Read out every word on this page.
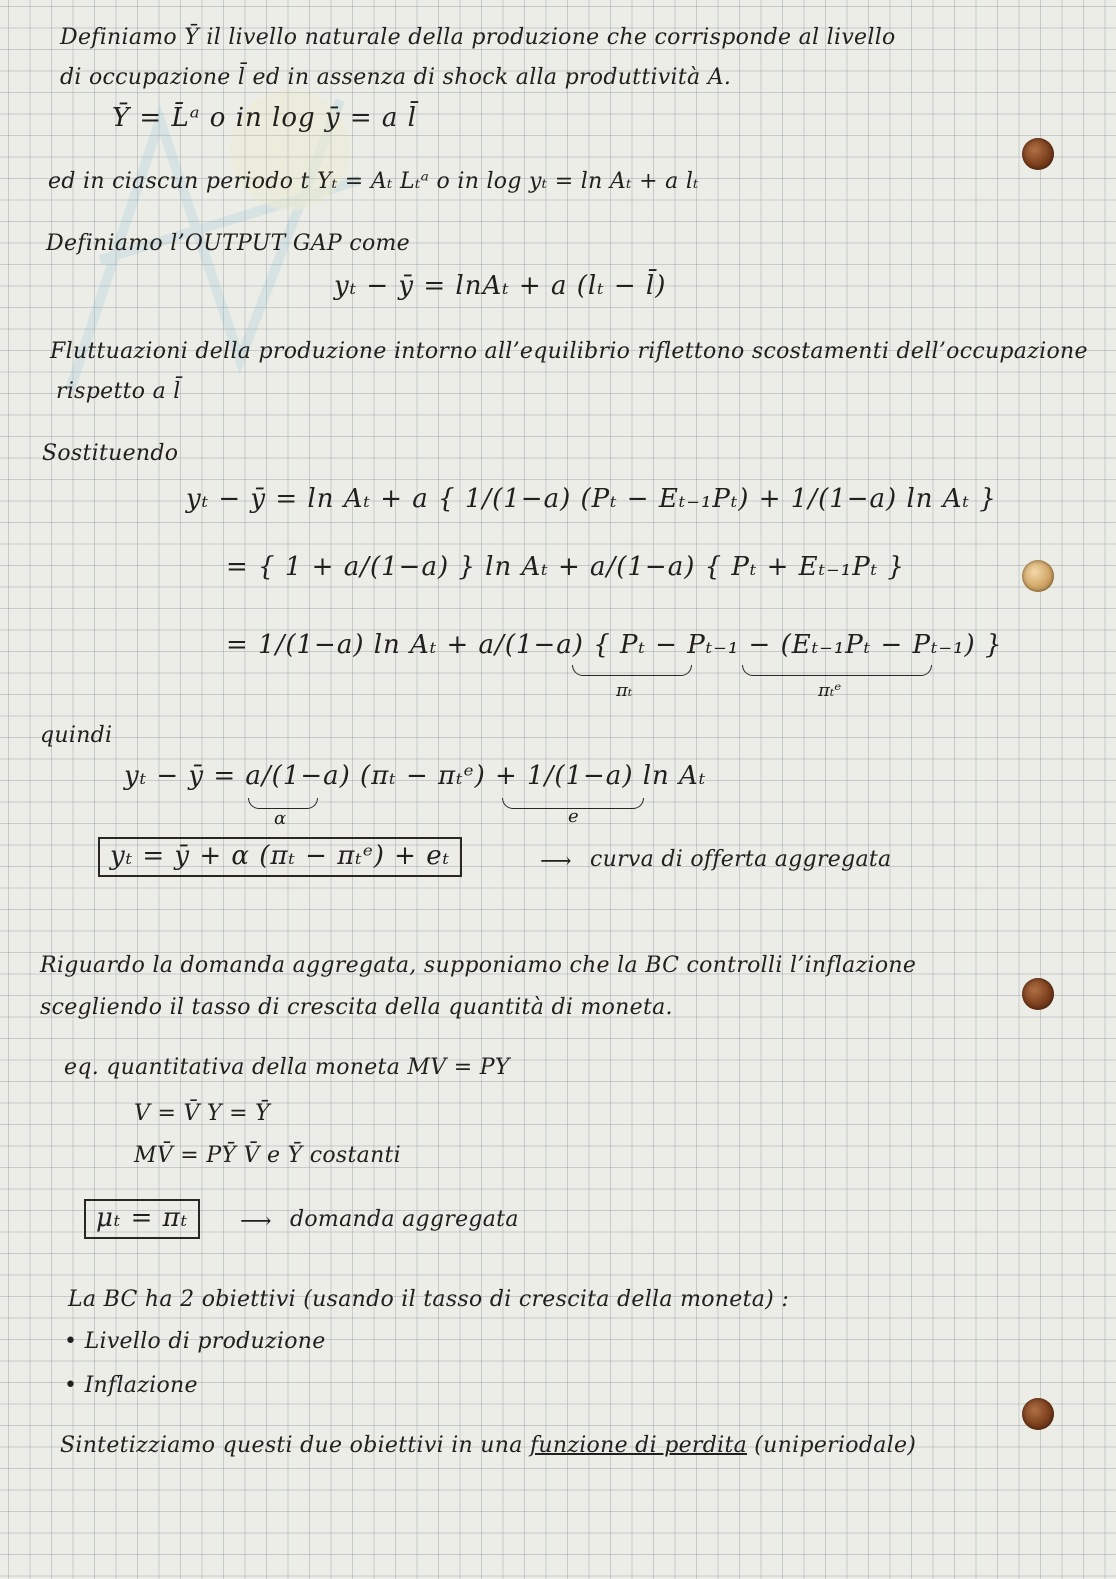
Definiamo Ȳ il livello naturale della produzione che corrisponde al livello

di occupazione l̄ ed in assenza di shock alla produttività A.

Ȳ = L̄ᵃ o in log ȳ = a l̄

ed in ciascun periodo t Yₜ = Aₜ Lₜᵃ o in log yₜ = ln Aₜ + a lₜ

Definiamo l’OUTPUT GAP come

yₜ − ȳ = lnAₜ + a (lₜ − l̄)

Fluttuazioni della produzione intorno all’equilibrio riflettono scostamenti dell’occupazione

rispetto a l̄

Sostituendo

yₜ − ȳ = ln Aₜ + a { 1/(1−a) (Pₜ − Eₜ₋₁Pₜ) + 1/(1−a) ln Aₜ }

= { 1 + a/(1−a) } ln Aₜ + a/(1−a) { Pₜ + Eₜ₋₁Pₜ }

= 1/(1−a) ln Aₜ + a/(1−a) { Pₜ − Pₜ₋₁ − (Eₜ₋₁Pₜ − Pₜ₋₁) }

πₜ	πₜᵉ

quindi

yₜ − ȳ = a/(1−a) (πₜ − πₜᵉ) + 1/(1−a) ln Aₜ

α	e

yₜ = ȳ + α (πₜ − πₜᵉ) + eₜ	⟶ curva di offerta aggregata

Riguardo la domanda aggregata, supponiamo che la BC controlli l’inflazione

scegliendo il tasso di crescita della quantità di moneta.

eq. quantitativa della moneta MV = PY

V = V̄ Y = Ȳ

MV̄ = PȲ V̄ e Ȳ costanti

μₜ = πₜ	⟶ domanda aggregata

La BC ha 2 obiettivi (usando il tasso di crescita della moneta) :

• Livello di produzione

• Inflazione

Sintetizziamo questi due obiettivi in una funzione di perdita (uniperiodale)
